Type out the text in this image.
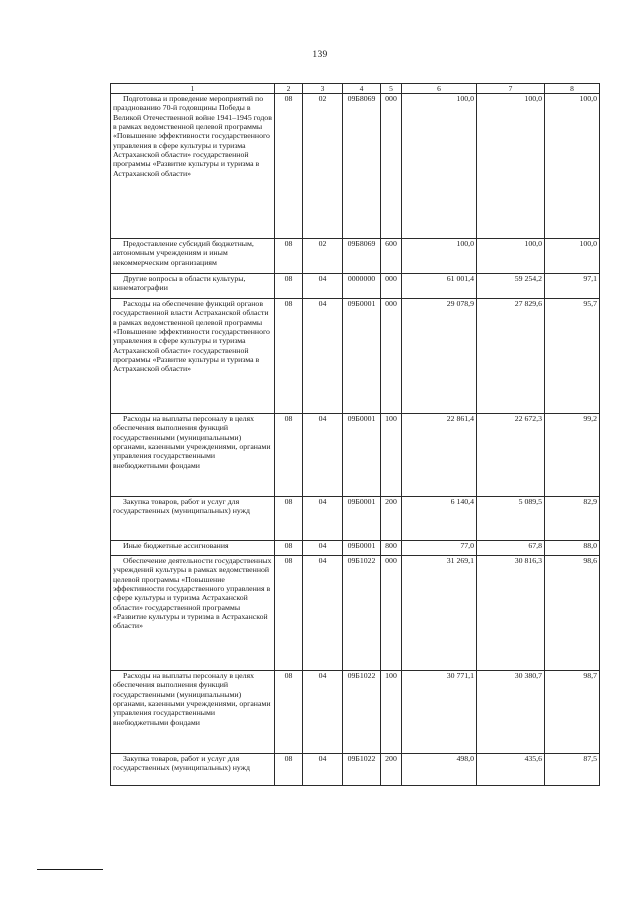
139
1	2	3	4	5	6	7	8
Подготовка и проведение мероприятий по празднованию 70-й годовщины Победы в Великой Отечественной войне 1941–1945 годов в рамках ведомственной целевой программы «Повышение эффективности государственного управления в сфере культуры и туризма Астраханской области» государственной программы «Развитие культуры и туризма в Астраханской области»	08	02	09Б8069	000	100,0	100,0	100,0
Предоставление субсидий бюджетным, автономным учреждениям и иным некоммерческим организациям	08	02	09Б8069	600	100,0	100,0	100,0
Другие вопросы в области культуры, кинематографии	08	04	0000000	000	61 001,4	59 254,2	97,1
Расходы на обеспечение функций органов государственной власти Астраханской области в рамках ведомственной целевой программы «Повышение эффективности государственного управления в сфере культуры и туризма Астраханской области» государственной программы «Развитие культуры и туризма в Астраханской области»	08	04	09Б0001	000	29 078,9	27 829,6	95,7
Расходы на выплаты персоналу в целях обеспечения выполнения функций государственными (муниципальными) органами, казенными учреждениями, органами управления государственными внебюджетными фондами	08	04	09Б0001	100	22 861,4	22 672,3	99,2
Закупка товаров, работ и услуг для государственных (муниципальных) нужд	08	04	09Б0001	200	6 140,4	5 089,5	82,9
Иные бюджетные ассигнования	08	04	09Б0001	800	77,0	67,8	88,0
Обеспечение деятельности государственных учреждений культуры в рамках ведомственной целевой программы «Повышение эффективности государственного управления в сфере культуры и туризма Астраханской области» государственной программы «Развитие культуры и туризма в Астраханской области»	08	04	09Б1022	000	31 269,1	30 816,3	98,6
Расходы на выплаты персоналу в целях обеспечения выполнения функций государственными (муниципальными) органами, казенными учреждениями, органами управления государственными внебюджетными фондами	08	04	09Б1022	100	30 771,1	30 380,7	98,7
Закупка товаров, работ и услуг для государственных (муниципальных) нужд	08	04	09Б1022	200	498,0	435,6	87,5
